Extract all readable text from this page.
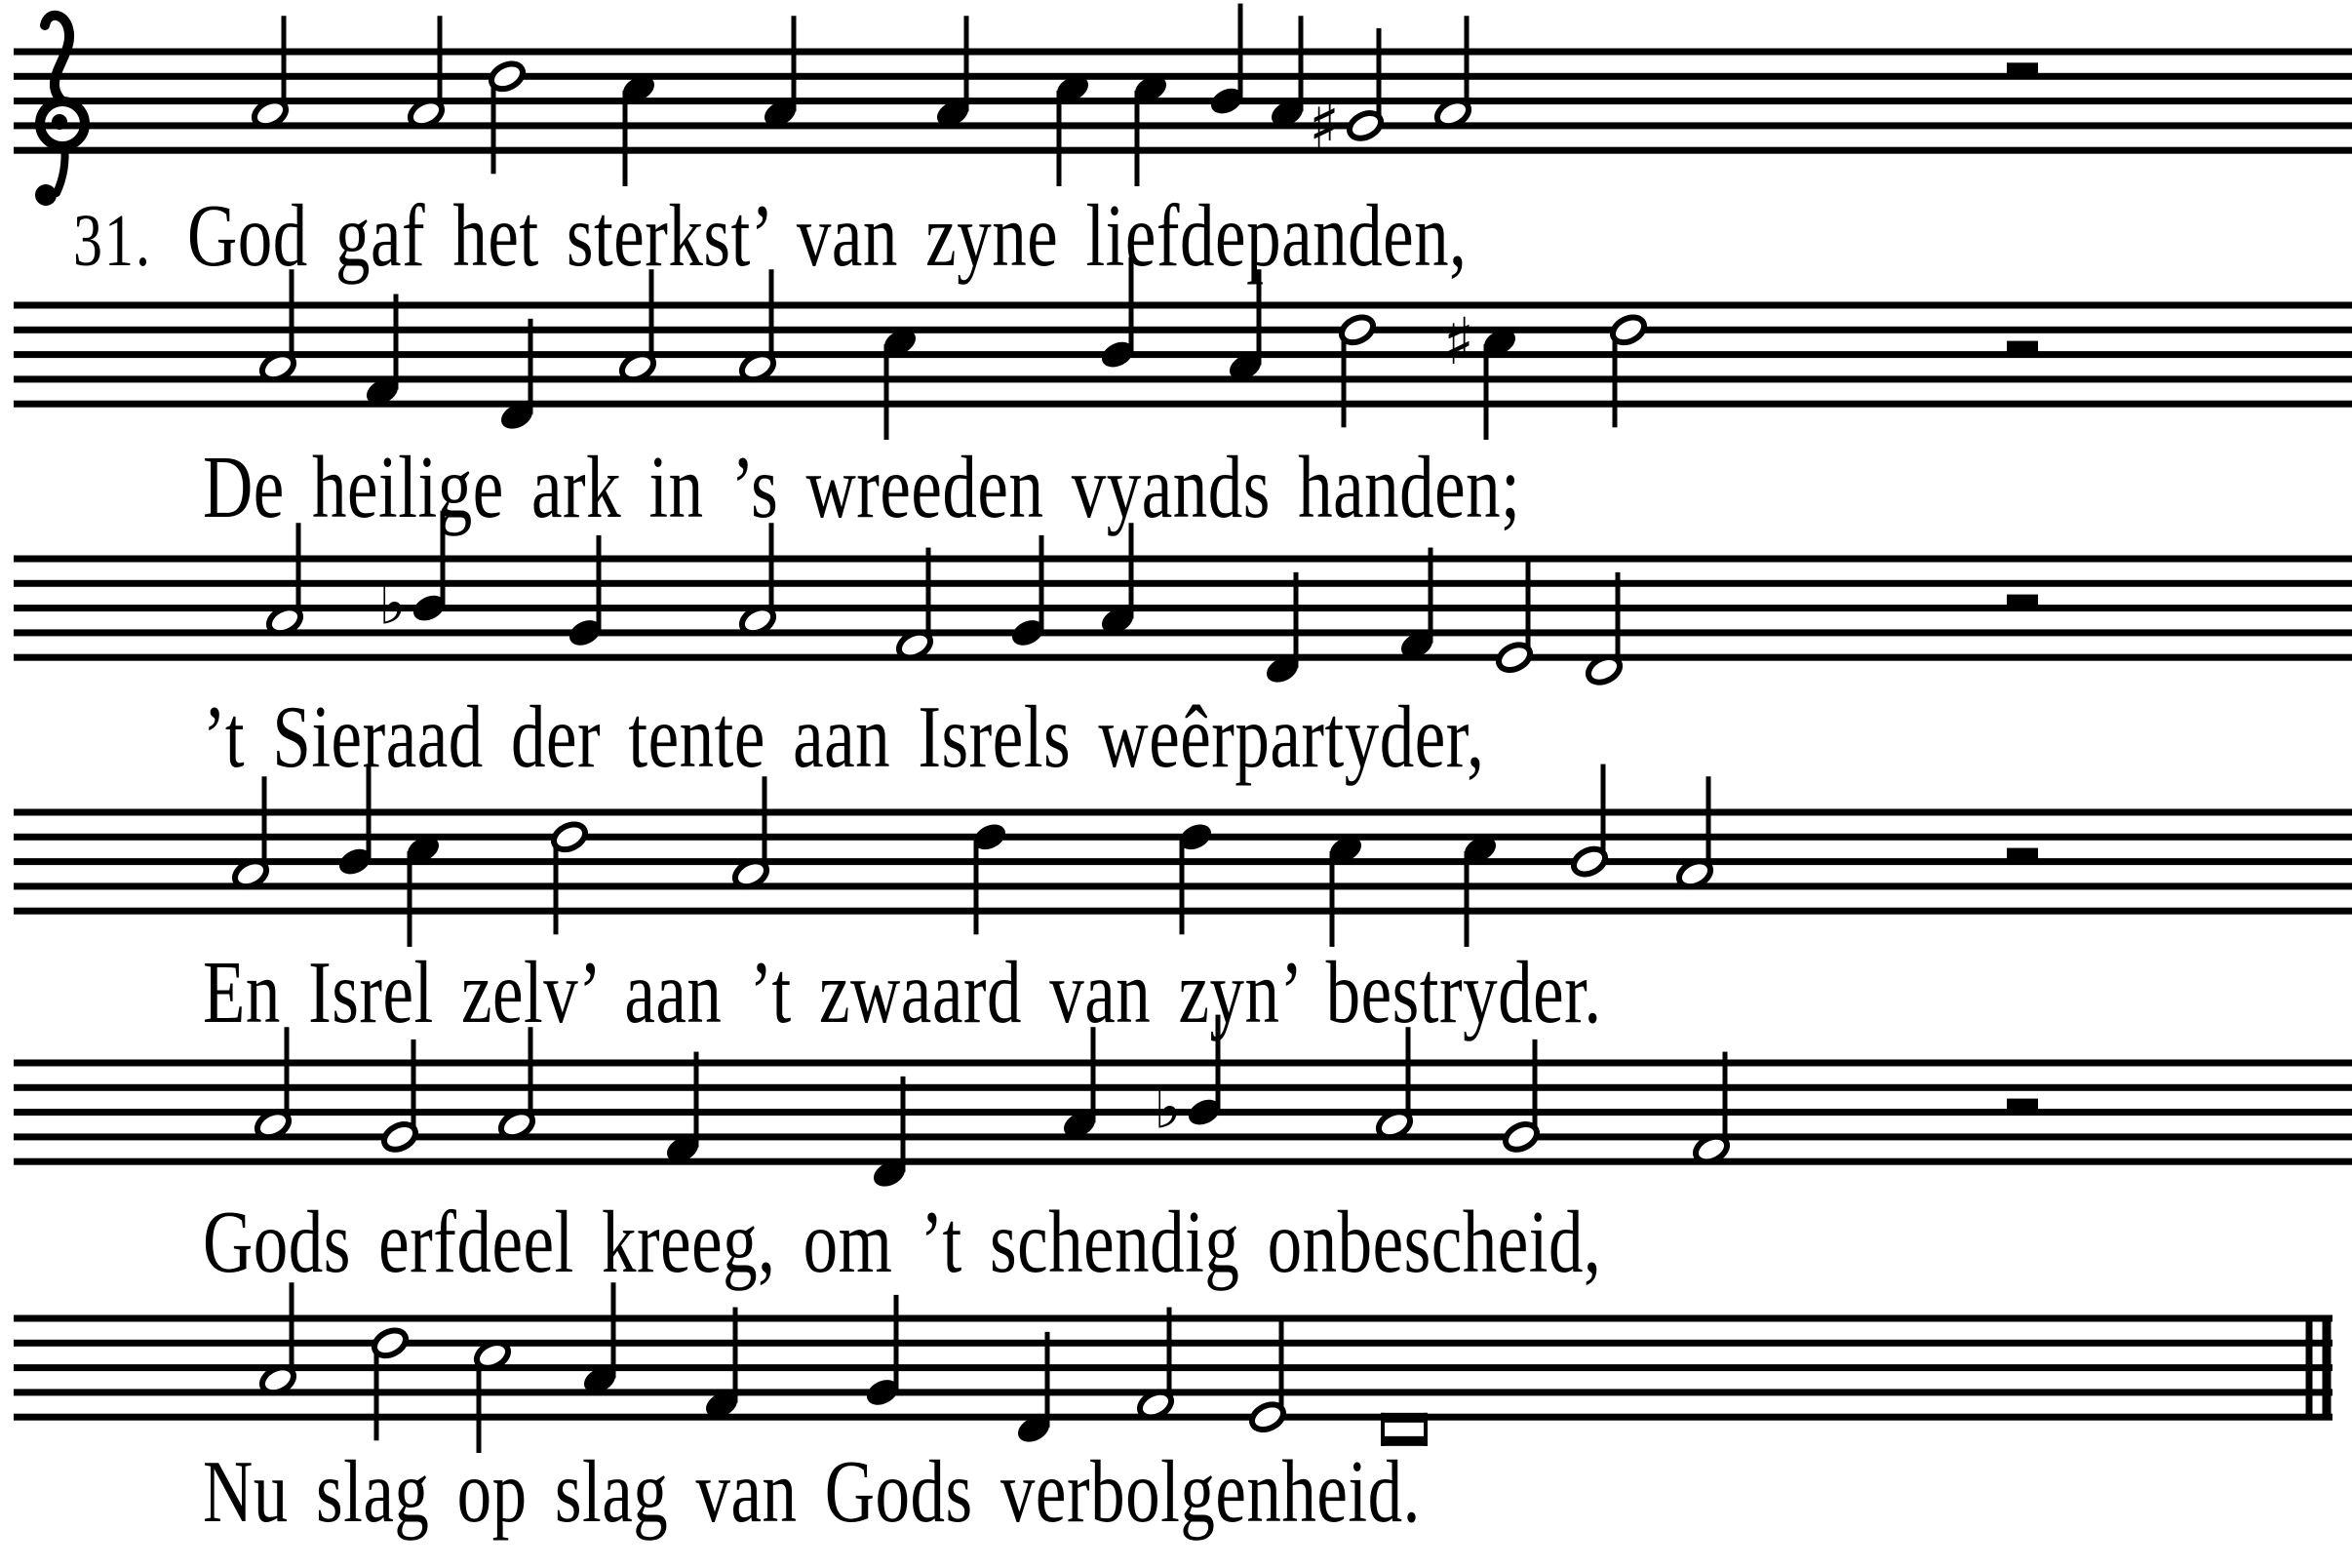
♯
♯
♭
♭
31. God gaf het sterkst’ van zyne liefdepanden,
De heilige ark in ’s wreeden vyands handen;
’t Sieraad der tente aan Isrels weêrpartyder,
En Isrel zelv’ aan ’t zwaard van zyn’ bestryder.
Gods erfdeel kreeg, om ’t schendig onbescheid,
Nu slag op slag van Gods verbolgenheid.
